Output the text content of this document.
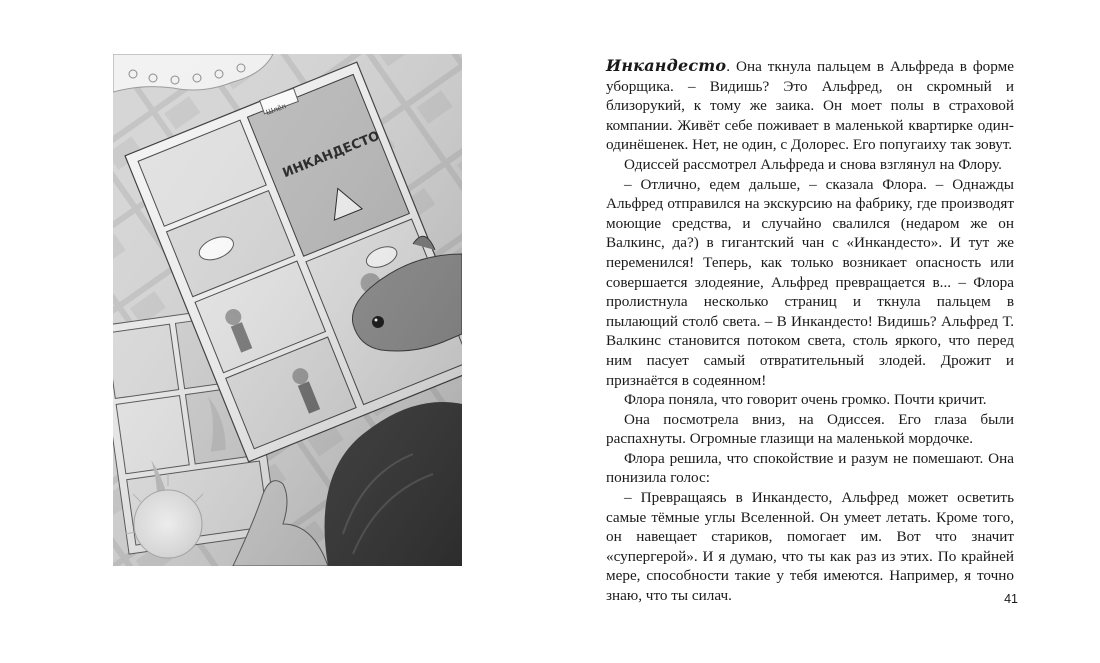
Инкандесто. Она ткнула пальцем в Альфреда в форме уборщика. – Видишь? Это Альфред, он скромный и близорукий, к тому же заика. Он моет полы в страховой компании. Живёт себе поживает в маленькой квартирке один-одинёшенек. Нет, не один, с Долорес. Его попугаиху так зовут.

Одиссей рассмотрел Альфреда и снова взглянул на Флору.

– Отлично, едем дальше, – сказала Флора. – Однажды Альфред отправился на экскурсию на фабрику, где производят моющие средства, и случайно свалился (недаром же он Валкинс, да?) в гигантский чан с «Инкандесто». И тут же переменился! Теперь, как только возникает опасность или совершается злодеяние, Альфред превращается в... – Флора пролистнула несколько страниц и ткнула пальцем в пылающий столб света. – В Инкандесто! Видишь? Альфред Т. Валкинс становится потоком света, столь яркого, что перед ним пасует самый отвратительный злодей. Дрожит и признаётся в содеянном!

Флора поняла, что говорит очень громко. Почти кричит.

Она посмотрела вниз, на Одиссея. Его глаза были распахнуты. Огромные глазищи на маленькой мордочке.

Флора решила, что спокойствие и разум не помешают. Она понизила голос:

– Превращаясь в Инкандесто, Альфред может осветить самые тёмные углы Вселенной. Он умеет летать. Кроме того, он навещает стариков, помогает им. Вот что значит «супергерой». И я думаю, что ты как раз из этих. По крайней мере, способности такие у тебя имеются. Например, я точно знаю, что ты силач.	41
